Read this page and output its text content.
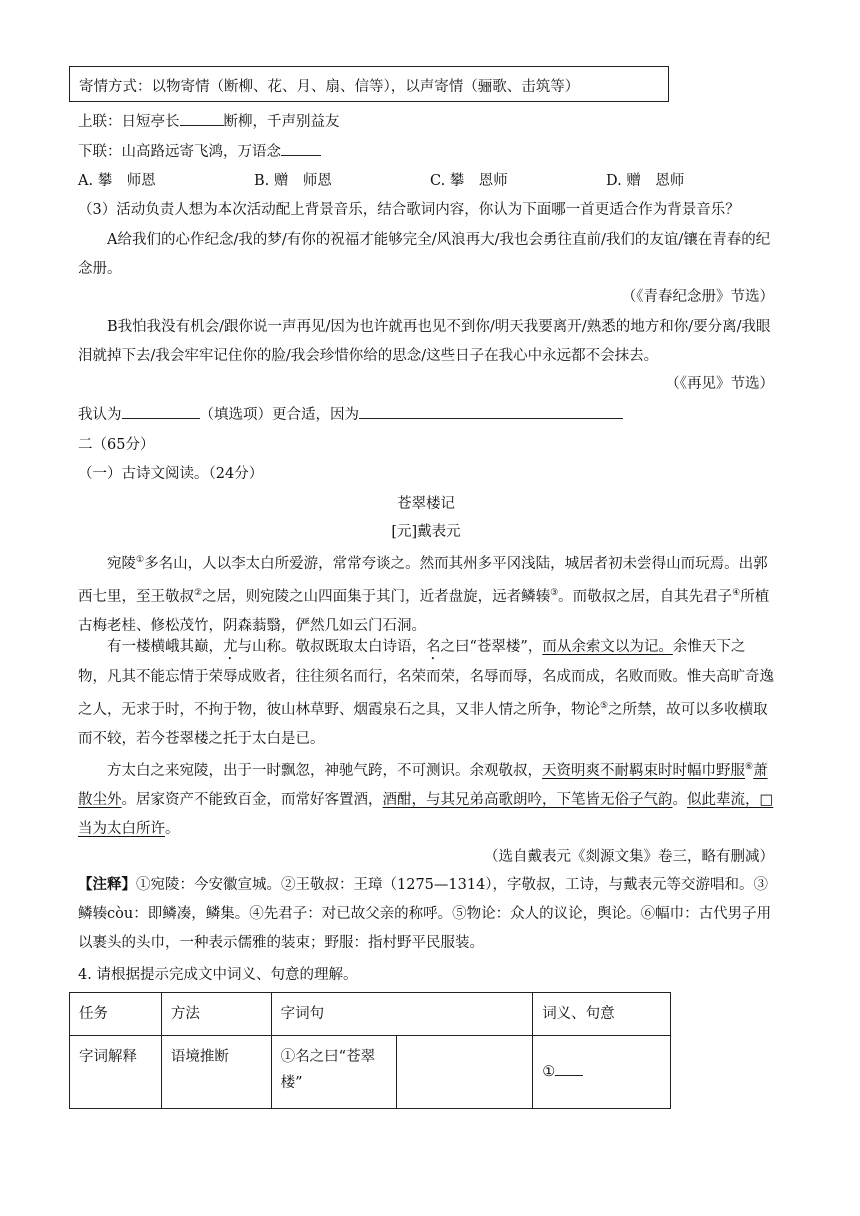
寄情方式：以物寄情（断柳、花、月、扇、信等），以声寄情（骊歌、击筑等）
上联：日短亭长	断柳，千声别益友
下联：山高路远寄飞鸿，万语念
A. 攀　师恩	B. 赠　师恩	C. 攀　恩师	D. 赠　恩师
（3）活动负责人想为本次活动配上背景音乐，结合歌词内容，你认为下面哪一首更适合作为背景音乐？
A给我们的心作纪念/我的梦/有你的祝福才能够完全/风浪再大/我也会勇往直前/我们的友谊/镶在青春的纪念册。
（《青春纪念册》节选）
B我怕我没有机会/跟你说一声再见/因为也许就再也见不到你/明天我要离开/熟悉的地方和你/要分离/我眼泪就掉下去/我会牢牢记住你的脸/我会珍惜你给的思念/这些日子在我心中永远都不会抹去。
（《再见》节选）
我认为	（填选项）更合适，因为
二（65分）
（一）古诗文阅读。（24分）
苍翠楼记
[元]戴表元
宛陵①多名山，人以李太白所爱游，常常夸谈之。然而其州多平冈浅陆，城居者初未尝得山而玩焉。出郭西七里，至王敬叔②之居，则宛陵之山四面集于其门，近者盘旋，远者鳞辏③。而敬叔之居，自其先君子④所植古梅老桂、修松茂竹，阴森蓊翳，俨然几如云门石洞。
有一楼横峨其巅，尤与山称。敬叔既取太白诗语，名之曰“苍翠楼”，而从余索文以为记。余惟天下之物，凡其不能忘情于荣辱成败者，往往须名而行，名荣而荣，名辱而辱，名成而成，名败而败。惟夫高旷奇逸之人，无求于时，不拘于物，彼山林草野、烟霞泉石之具，又非人情之所争，物论⑤之所禁，故可以多收横取而不较，若今苍翠楼之托于太白是已。
方太白之来宛陵，出于一时飘忽，神驰气跨，不可测识。余观敬叔，天资明爽不耐羁束时时幅巾野服⑥萧散尘外。居家资产不能致百金，而常好客置酒，酒酣，与其兄弟高歌朗吟，下笔皆无俗子气韵。似此辈流，□当为太白所许。
（选自戴表元《剡源文集》卷三，略有删减）
【注释】①宛陵：今安徽宣城。②王敬叔：王璋（1275—1314），字敬叔，工诗，与戴表元等交游唱和。③鳞辏còu：即鳞凑，鳞集。④先君子：对已故父亲的称呼。⑤物论：众人的议论，舆论。⑥幅巾：古代男子用以裹头的头巾，一种表示儒雅的装束；野服：指村野平民服装。
4. 请根据提示完成文中词义、句意的理解。
任务	方法	字词句		词义、句意
字词解释	语境推断	①名之曰“苍翠楼”		①
